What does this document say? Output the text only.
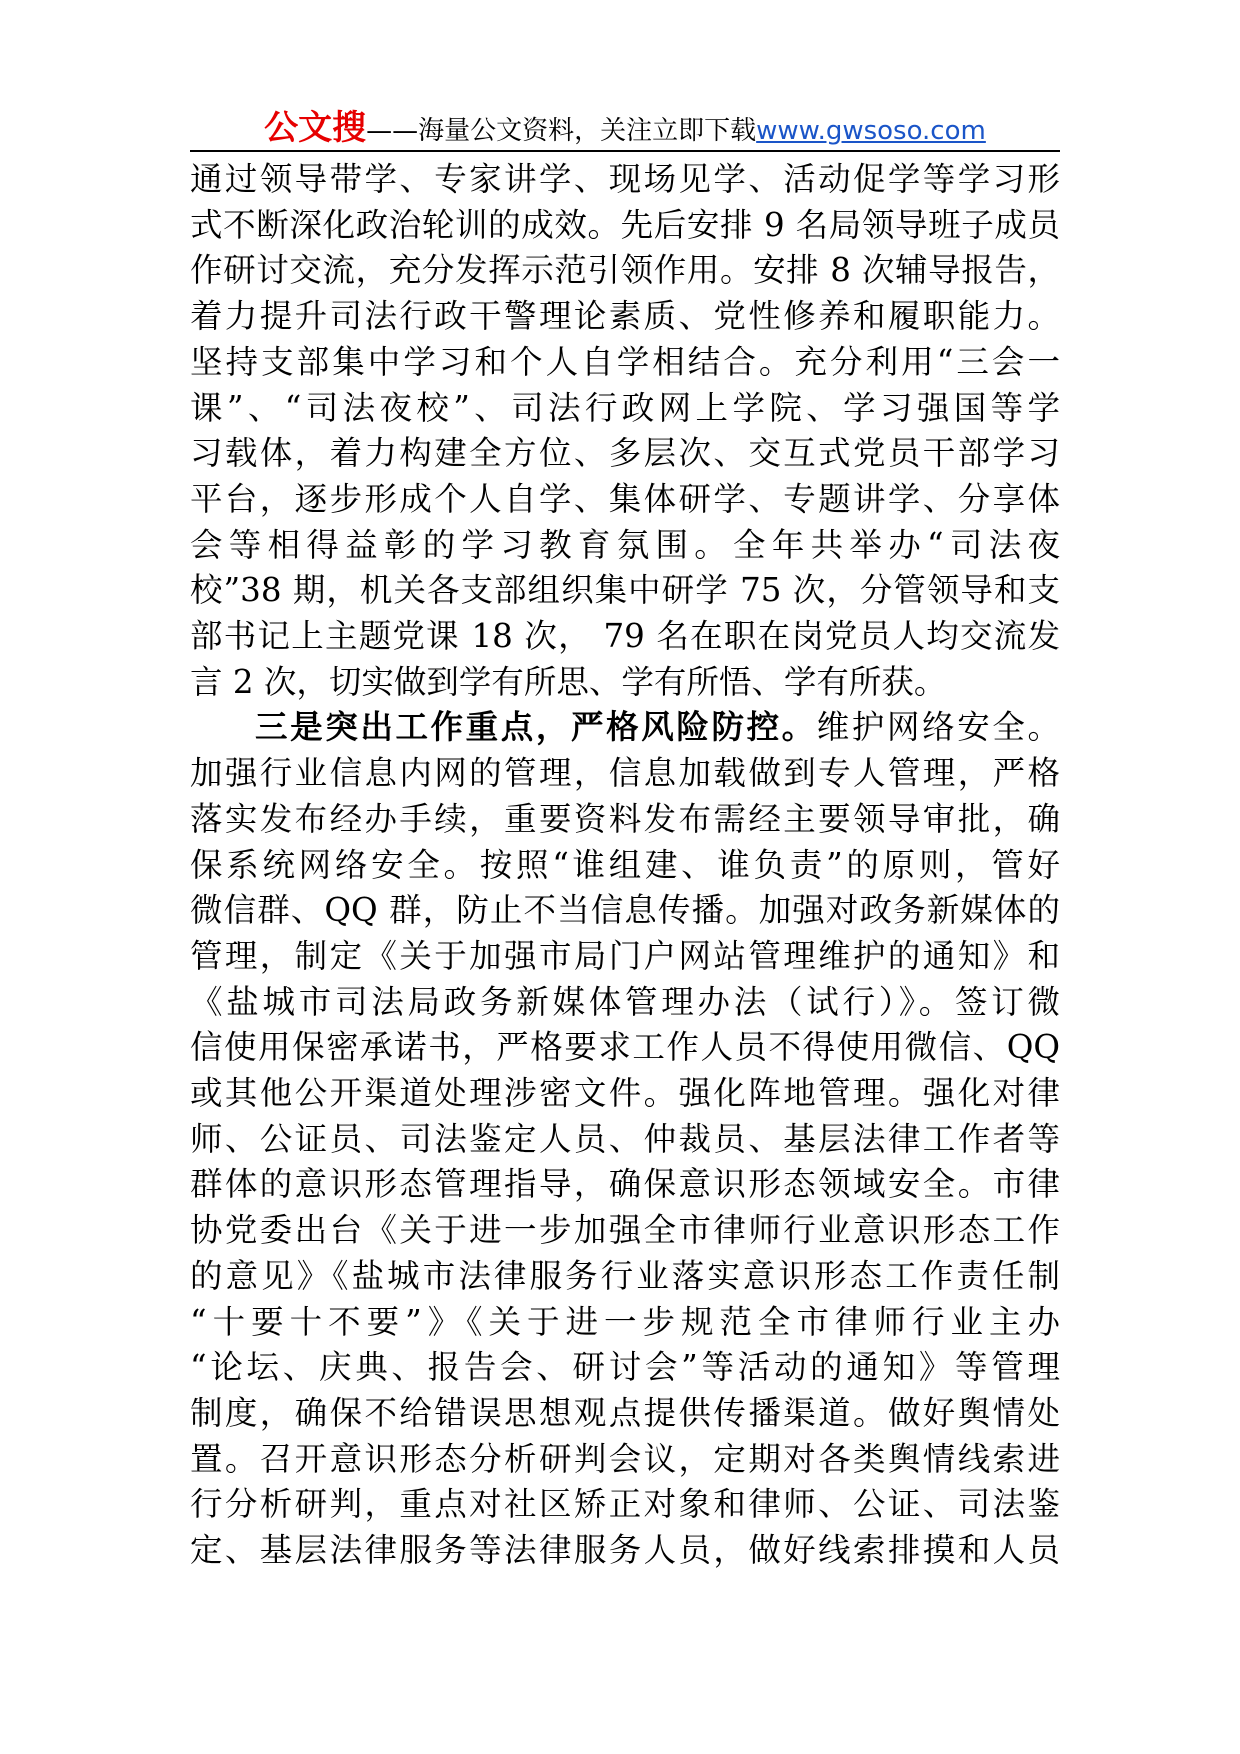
公文搜——海量公文资料，关注立即下载www.gwsoso.com

通过领导带学、专家讲学、现场见学、活动促学等学习形

式不断深化政治轮训的成效。先后安排 9 名局领导班子成员

作研讨交流，充分发挥示范引领作用。安排 8 次辅导报告，

着力提升司法行政干警理论素质、党性修养和履职能力。

坚持支部集中学习和个人自学相结合。充分利用“三会一

课”、“司法夜校”、司法行政网上学院、学习强国等学

习载体，着力构建全方位、多层次、交互式党员干部学习

平台，逐步形成个人自学、集体研学、专题讲学、分享体

会等相得益彰的学习教育氛围。全年共举办“司法夜

校”38 期，机关各支部组织集中研学 75 次，分管领导和支

部书记上主题党课 18 次， 79 名在职在岗党员人均交流发

言 2 次，切实做到学有所思、学有所悟、学有所获。

三是突出工作重点，严格风险防控。维护网络安全。

加强行业信息内网的管理，信息加载做到专人管理，严格

落实发布经办手续，重要资料发布需经主要领导审批，确

保系统网络安全。按照“谁组建、谁负责”的原则，管好

微信群、QQ 群，防止不当信息传播。加强对政务新媒体的

管理，制定《关于加强市局门户网站管理维护的通知》和

《盐城市司法局政务新媒体管理办法（试行）》。签订微

信使用保密承诺书，严格要求工作人员不得使用微信、QQ

或其他公开渠道处理涉密文件。强化阵地管理。强化对律

师、公证员、司法鉴定人员、仲裁员、基层法律工作者等

群体的意识形态管理指导，确保意识形态领域安全。市律

协党委出台《关于进一步加强全市律师行业意识形态工作

的意见》《盐城市法律服务行业落实意识形态工作责任制

“十要十不要”》《关于进一步规范全市律师行业主办

“论坛、庆典、报告会、研讨会”等活动的通知》等管理

制度，确保不给错误思想观点提供传播渠道。做好舆情处

置。召开意识形态分析研判会议，定期对各类舆情线索进

行分析研判，重点对社区矫正对象和律师、公证、司法鉴

定、基层法律服务等法律服务人员，做好线索排摸和人员
